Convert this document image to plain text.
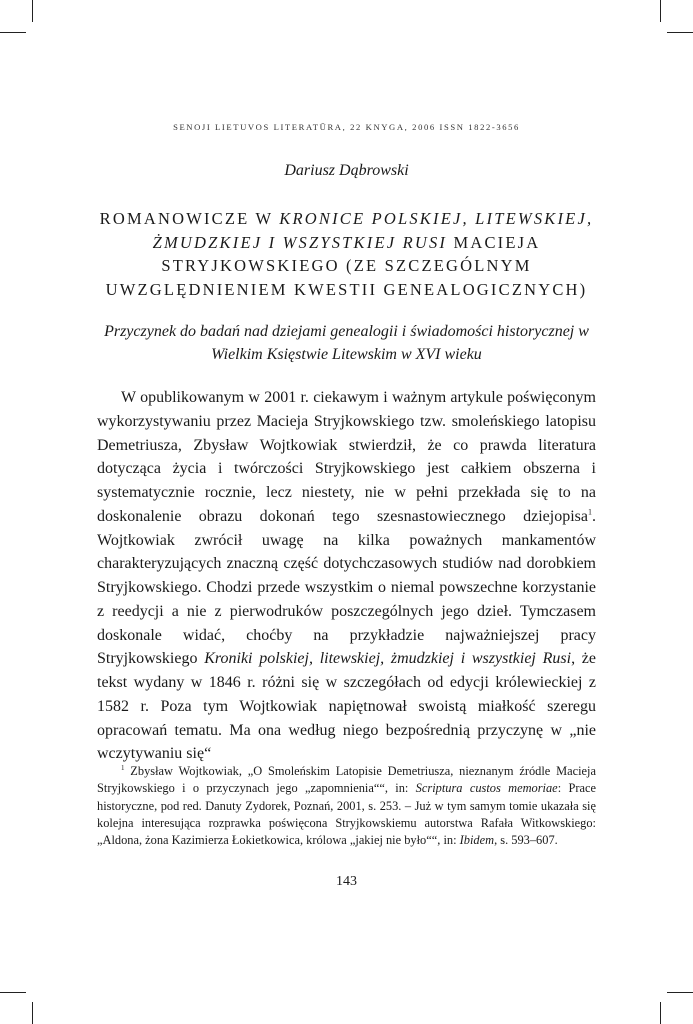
SENOJI LIETUVOS LITERATŪRA, 22 KNYGA, 2006 ISSN 1822-3656
Dariusz Dąbrowski
ROMANOWICZE W KRONICE POLSKIEJ, LITEWSKIEJ, ŻMUDZKIEJ I WSZYSTKIEJ RUSI MACIEJA STRYJKOWSKIEGO (ZE SZCZEGÓLNYM UWZGLĘDNIENIEM KWESTII GENEALOGICZNYCH)
Przyczynek do badań nad dziejami genealogii i świadomości historycznej w Wielkim Księstwie Litewskim w XVI wieku

W opublikowanym w 2001 r. ciekawym i ważnym artykule poświęconym wykorzystywaniu przez Macieja Stryjkowskiego tzw. smoleńskiego latopisu Demetriusza, Zbysław Wojtkowiak stwierdził, że co prawda literatura dotycząca życia i twórczości Stryjkowskiego jest całkiem obszerna i systematycznie rocznie, lecz niestety, nie w pełni przekłada się to na doskonalenie obrazu dokonań tego szesnastowiecznego dziejopisa$^1$. Wojtkowiak zwrócił uwagę na kilka poważnych mankamentów charakteryzujących znaczną część dotychczasowych studiów nad dorobkiem Stryjkowskiego. Chodzi przede wszystkim o niemal powszechne korzystanie z reedycji a nie z pierwodruków poszczególnych jego dzieł. Tymczasem doskonale widać, choćby na przykładzie najważniejszej pracy Stryjkowskiego Kroniki polskiej, litewskiej, żmudzkiej i wszystkiej Rusi, że tekst wydany w 1846 r. różni się w szczegółach od edycji królewieckiej z 1582 r. Poza tym Wojtkowiak napiętnował swoistą miałkość szeregu opracowań tematu. Ma ona według niego bezpośrednią przyczynę w „nie wczytywaniu się“

$^1$ Zbysław Wojtkowiak, „O Smoleńskim Latopisie Demetriusza, nieznanym źródle Macieja Stryjkowskiego i o przyczynach jego „zapomnienia““, in: Scriptura custos memoriae: Prace historyczne, pod red. Danuty Zydorek, Poznań, 2001, s. 253. – Już w tym samym tomie ukazała się kolejna interesująca rozprawka poświęcona Stryjkowskiemu autorstwa Rafała Witkowskiego: „Aldona, żona Kazimierza Łokietkowica, królowa „jakiej nie było““, in: Ibidem, s. 593–607.

143
